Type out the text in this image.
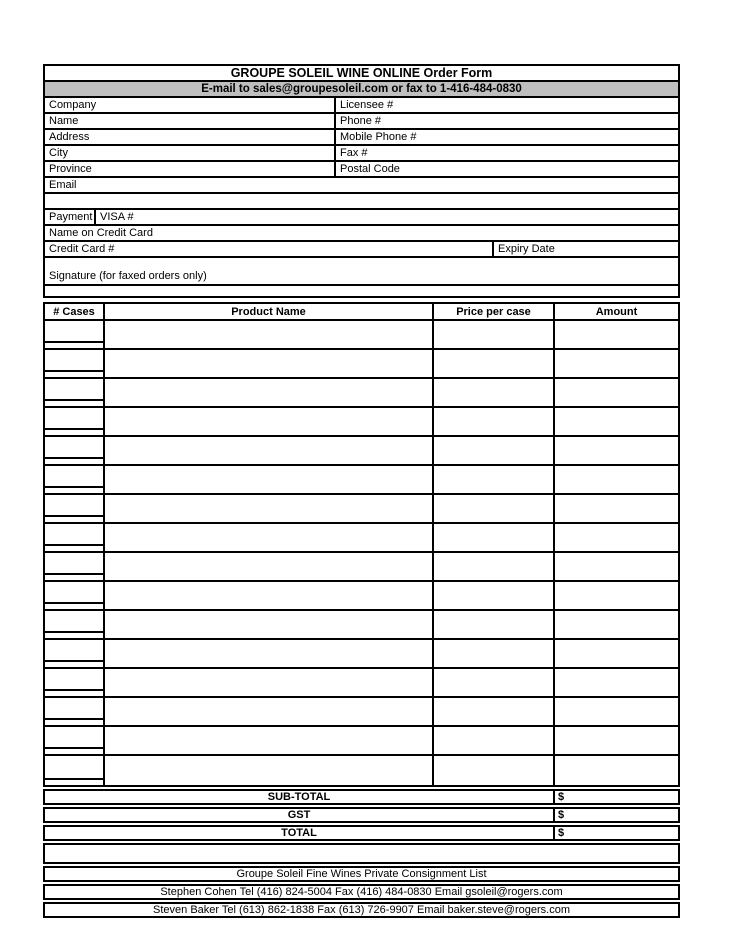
GROUPE SOLEIL WINE ONLINE Order Form
E-mail to sales@groupesoleil.com or fax to 1-416-484-0830
Company	Licensee #
Name	Phone #
Address	Mobile Phone #
City	Fax #
Province	Postal Code
Email
Payment VISA #
Name on Credit Card
Credit Card #	Expiry Date
Signature (for faxed orders only)
# Cases	Product Name	Price per case	Amount
SUB-TOTAL	$
GST	$
TOTAL	$
Groupe Soleil Fine Wines Private Consignment List
Stephen Cohen Tel (416) 824-5004 Fax (416) 484-0830 Email gsoleil@rogers.com
Steven Baker Tel (613) 862-1838 Fax (613) 726-9907 Email baker.steve@rogers.com
